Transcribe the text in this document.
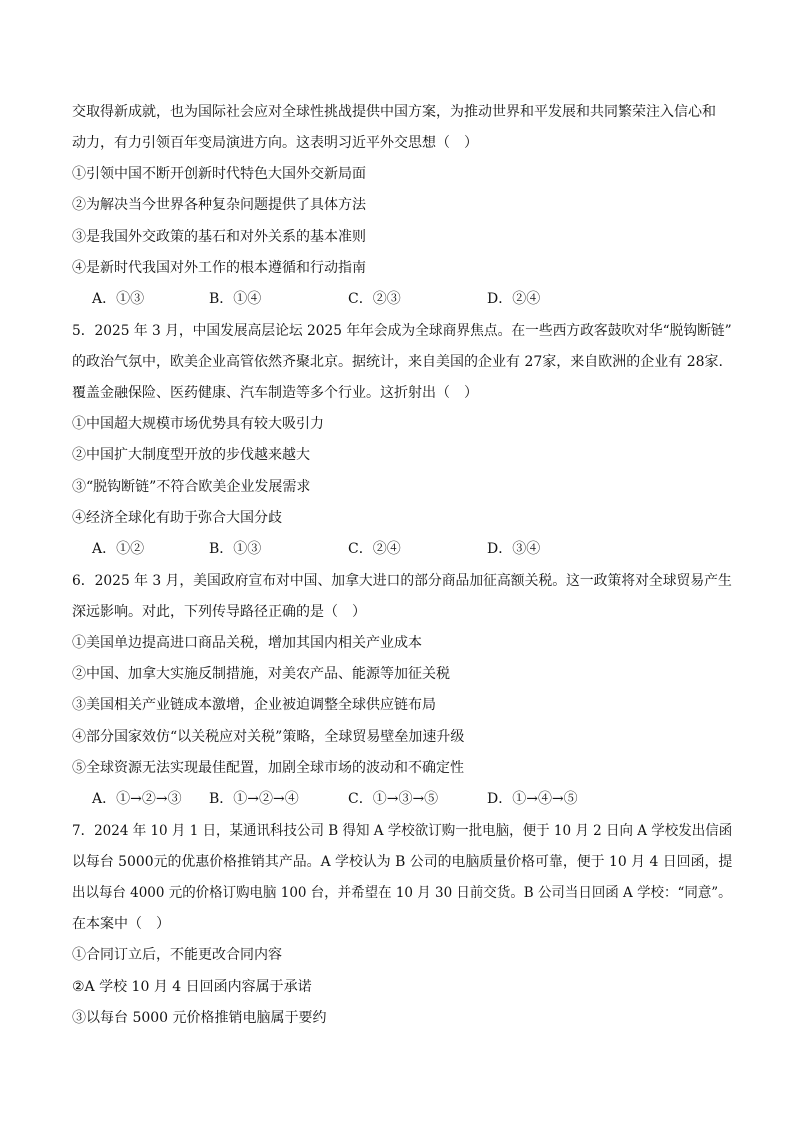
交取得新成就，也为国际社会应对全球性挑战提供中国方案，为推动世界和平发展和共同繁荣注入信心和
动力，有力引领百年变局演进方向。这表明习近平外交思想（　）
①引领中国不断开创新时代特色大国外交新局面
②为解决当今世界各种复杂问题提供了具体方法
③是我国外交政策的基石和对外关系的基本准则
④是新时代我国对外工作的根本遵循和行动指南
A．①③	B．①④	C．②③	D．②④
5．2025 年 3 月，中国发展高层论坛 2025 年年会成为全球商界焦点。在一些西方政客鼓吹对华“脱钩断链”
的政治气氛中，欧美企业高管依然齐聚北京。据统计，来自美国的企业有 27家，来自欧洲的企业有 28家.
覆盖金融保险、医药健康、汽车制造等多个行业。这折射出（　）
①中国超大规模市场优势具有较大吸引力
②中国扩大制度型开放的步伐越来越大
③“脱钩断链”不符合欧美企业发展需求
④经济全球化有助于弥合大国分歧
A．①②	B．①③	C．②④	D．③④
6．2025 年 3 月，美国政府宣布对中国、加拿大进口的部分商品加征高额关税。这一政策将对全球贸易产生
深远影响。对此，下列传导路径正确的是（　）
①美国单边提高进口商品关税，增加其国内相关产业成本
②中国、加拿大实施反制措施，对美农产品、能源等加征关税
③美国相关产业链成本激增，企业被迫调整全球供应链布局
④部分国家效仿“以关税应对关税”策略，全球贸易壁垒加速升级
⑤全球资源无法实现最佳配置，加剧全球市场的波动和不确定性
A．①→②→③ B．①→②→④	C．①→③→⑤	D．①→④→⑤
7．2024 年 10 月 1 日，某通讯科技公司 B 得知 A 学校欲订购一批电脑，便于 10 月 2 日向 A 学校发出信函
以每台 5000元的优惠价格推销其产品。A 学校认为 B 公司的电脑质量价格可靠，便于 10 月 4 日回函，提
出以每台 4000 元的价格订购电脑 100 台，并希望在 10 月 30 日前交货。B 公司当日回函 A 学校：“同意”。
在本案中（　）
①合同订立后，不能更改合同内容
②A 学校 10 月 4 日回函内容属于承诺
③以每台 5000 元价格推销电脑属于要约
